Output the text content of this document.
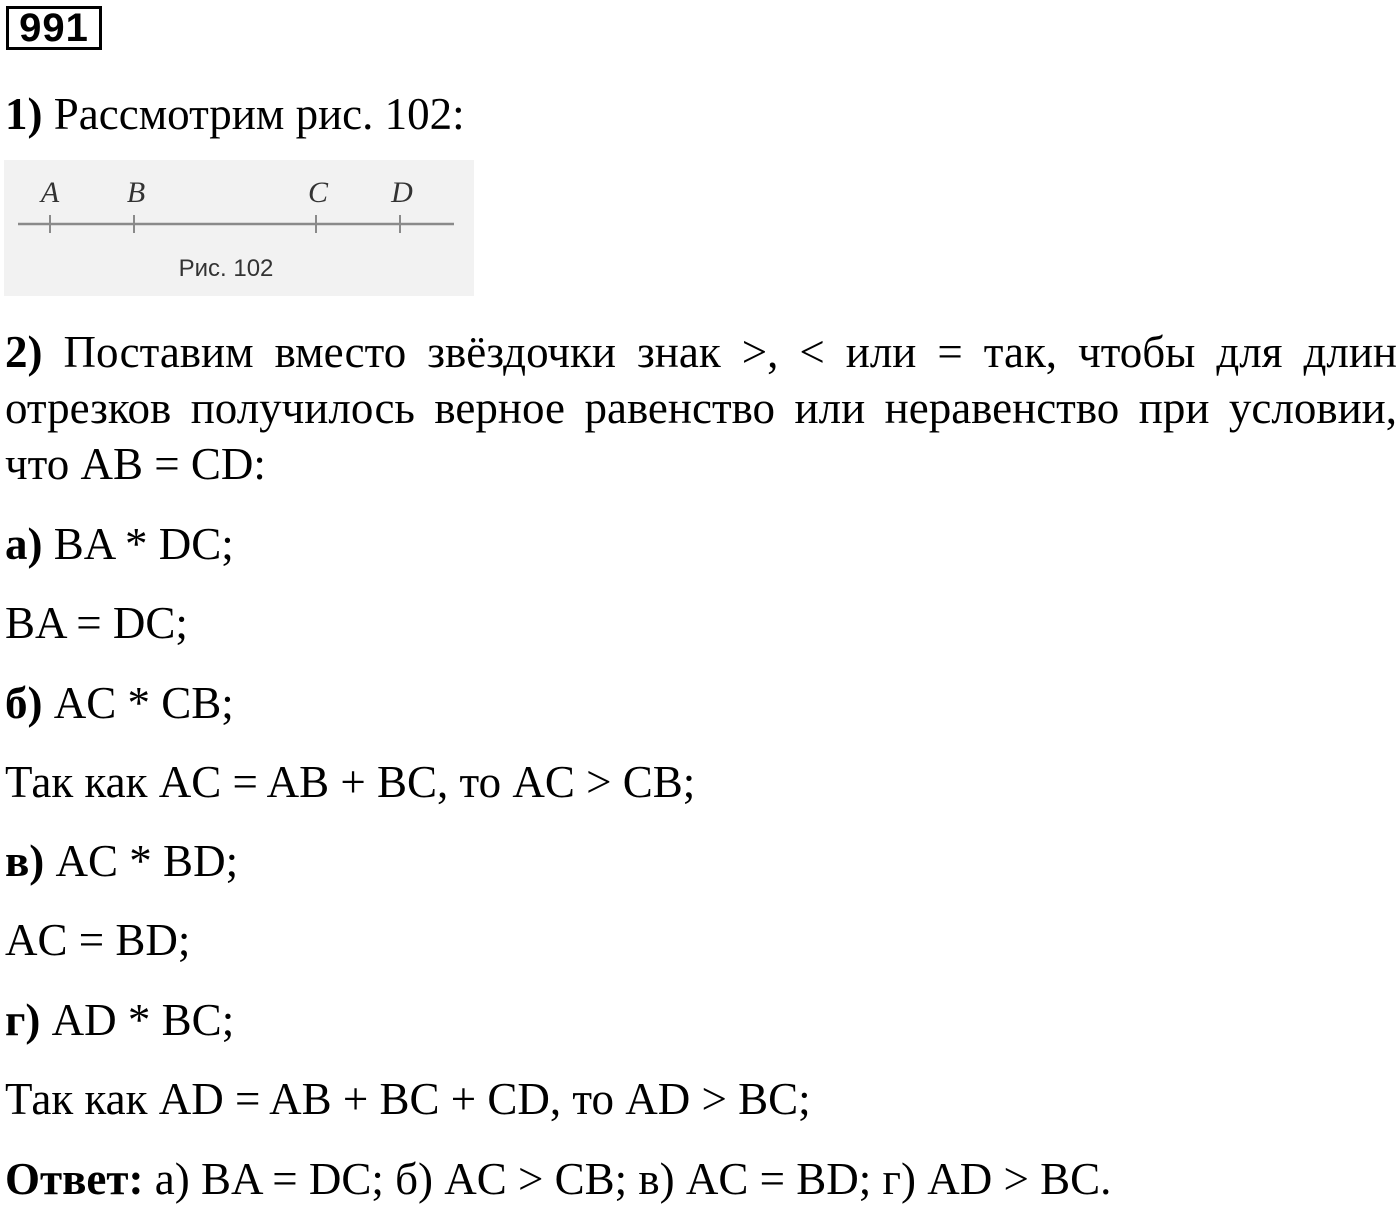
991
1) Рассмотрим рис. 102:
A B	C D
Рис. 102
2) Поставим вместо звёздочки знак >, < или = так, чтобы для длин
отрезков получилось верное равенство или неравенство при условии,
что AB = CD:
а) BA * DC;
BA = DC;
б) AC * CB;
Так как AC = AB + BC, то AC > CB;
в) AC * BD;
AC = BD;
г) AD * BC;
Так как AD = AB + BC + CD, то AD > BC;
Ответ: а) BA = DC; б) AC > CB; в) AC = BD; г) AD > BC.
